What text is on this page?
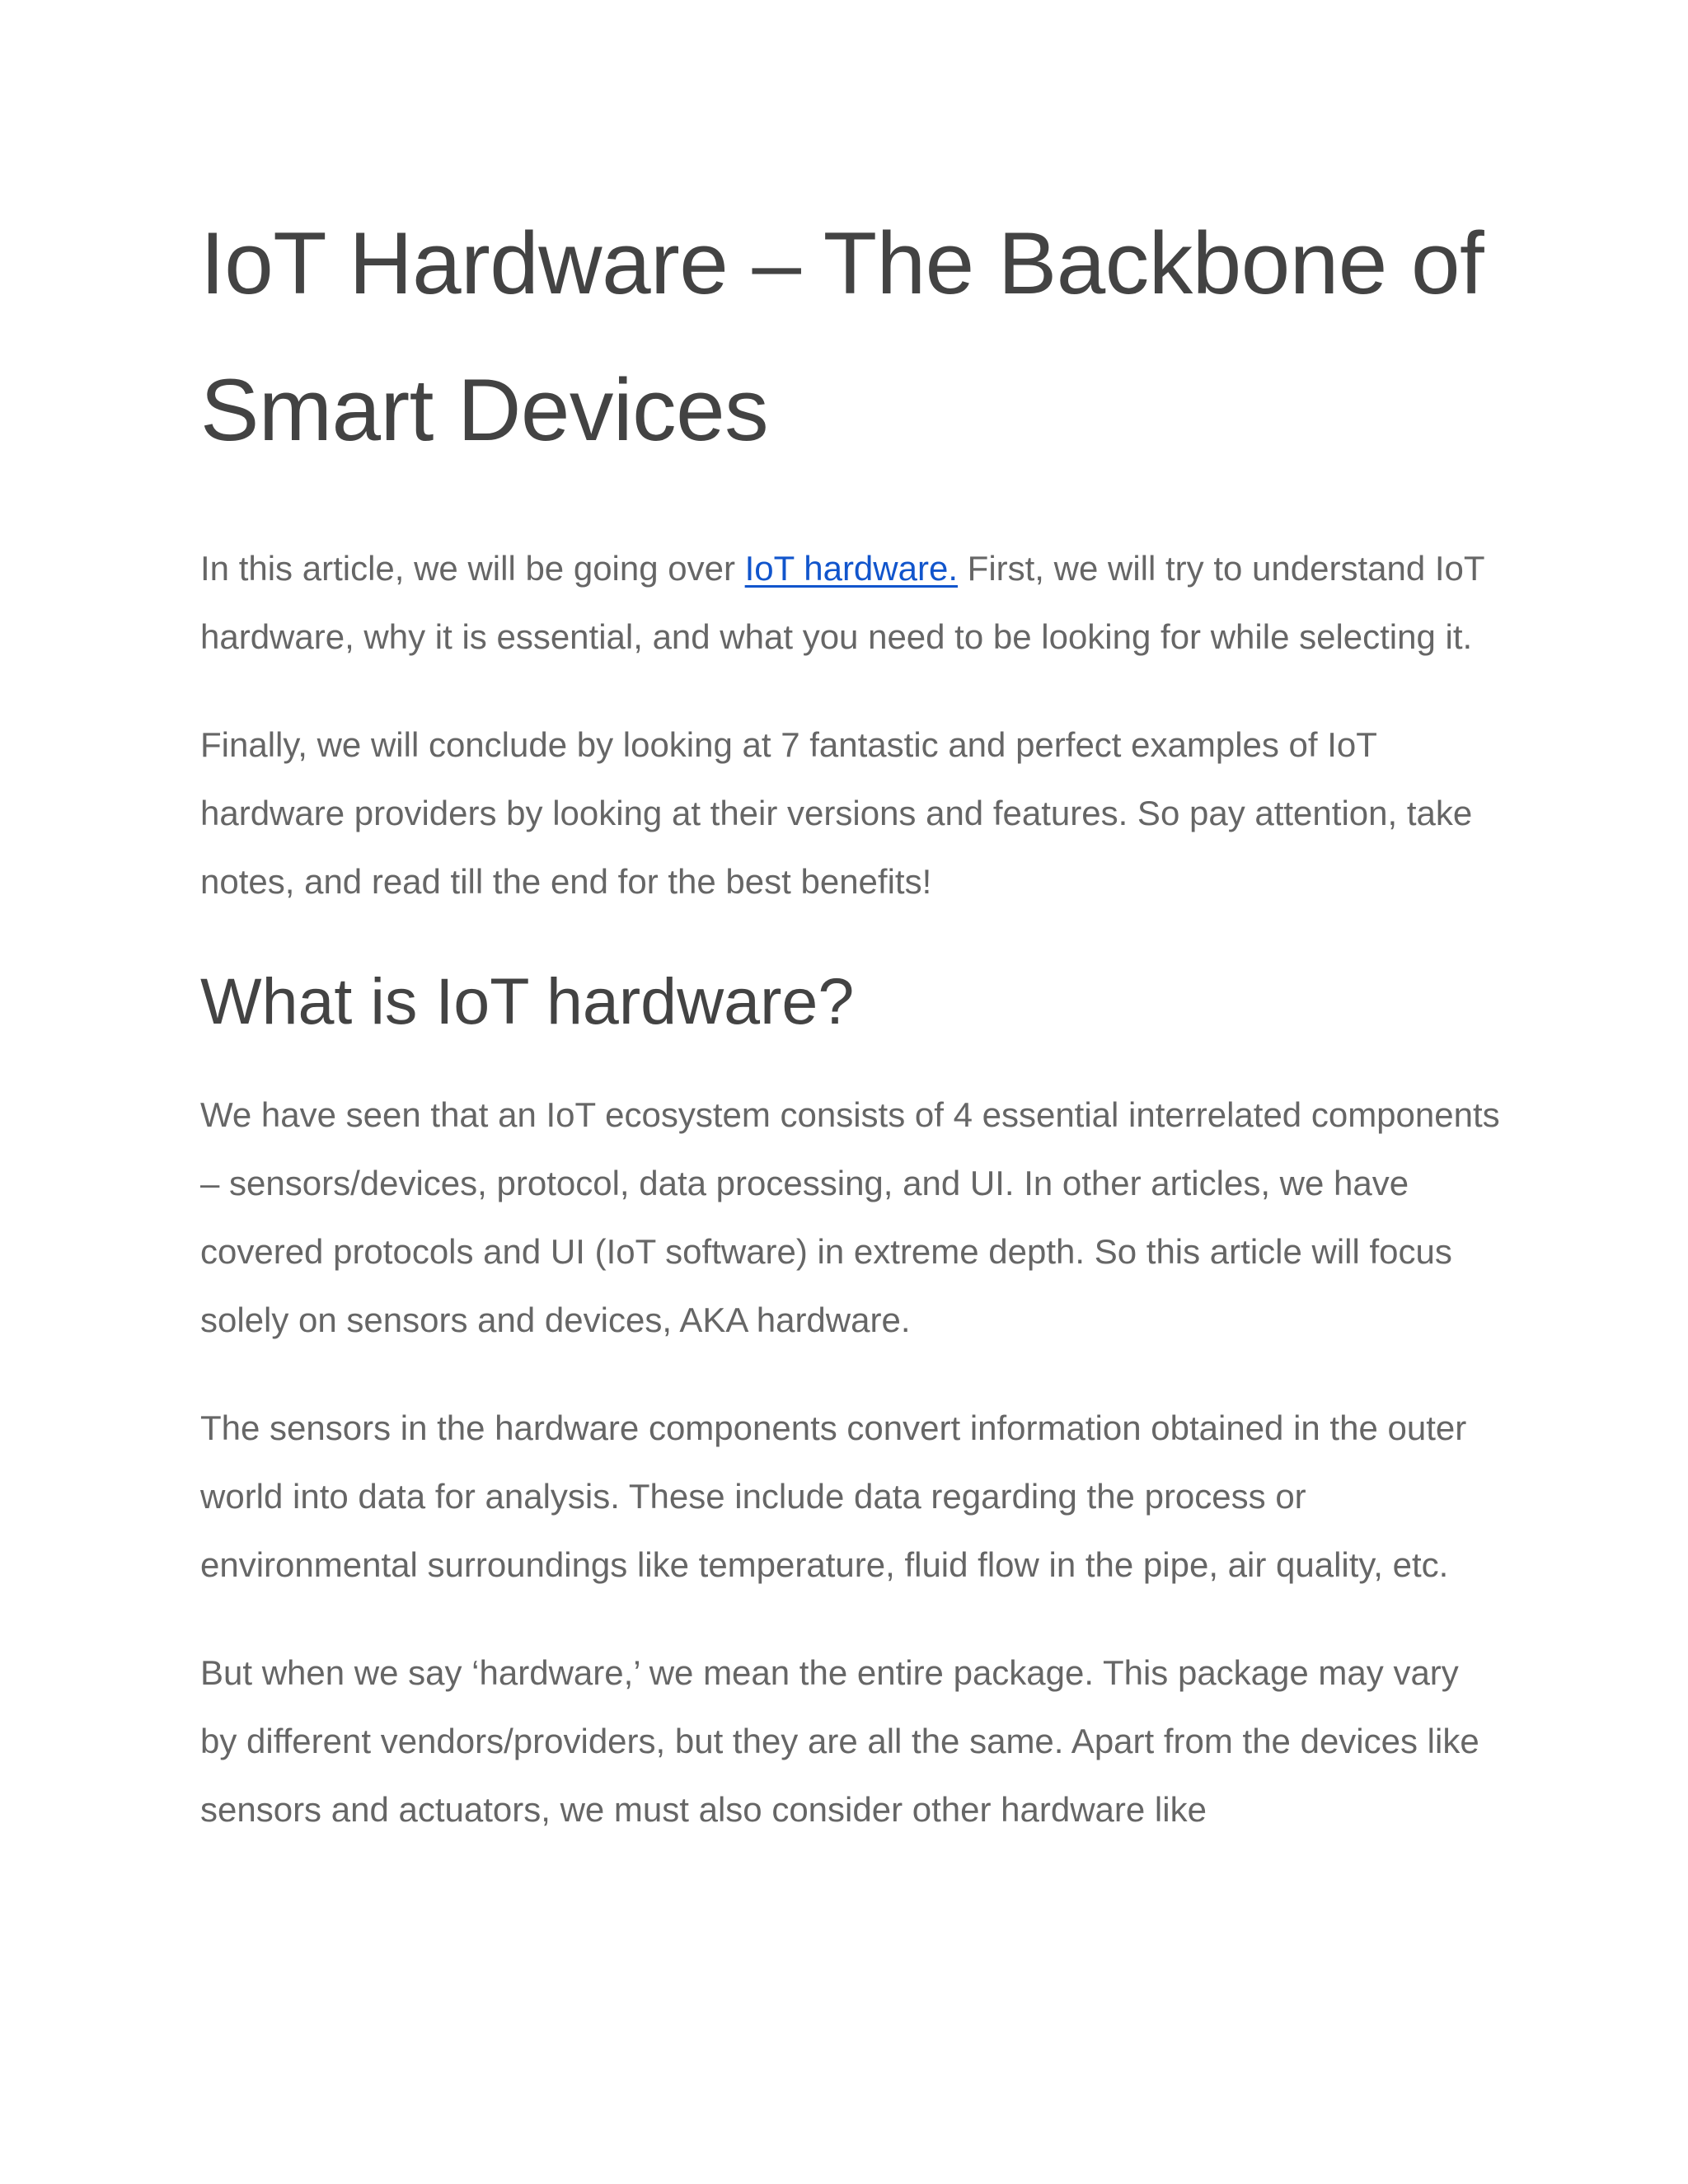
IoT Hardware – The Backbone of Smart Devices

In this article, we will be going over IoT hardware. First, we will try to understand IoT hardware, why it is essential, and what you need to be looking for while selecting it.

Finally, we will conclude by looking at 7 fantastic and perfect examples of IoT hardware providers by looking at their versions and features. So pay attention, take notes, and read till the end for the best benefits!

What is IoT hardware?

We have seen that an IoT ecosystem consists of 4 essential interrelated components – sensors/devices, protocol, data processing, and UI. In other articles, we have covered protocols and UI (IoT software) in extreme depth. So this article will focus solely on sensors and devices, AKA hardware.

The sensors in the hardware components convert information obtained in the outer world into data for analysis. These include data regarding the process or environmental surroundings like temperature, fluid flow in the pipe, air quality, etc.

But when we say ‘hardware,’ we mean the entire package. This package may vary by different vendors/providers, but they are all the same. Apart from the devices like sensors and actuators, we must also consider other hardware like
